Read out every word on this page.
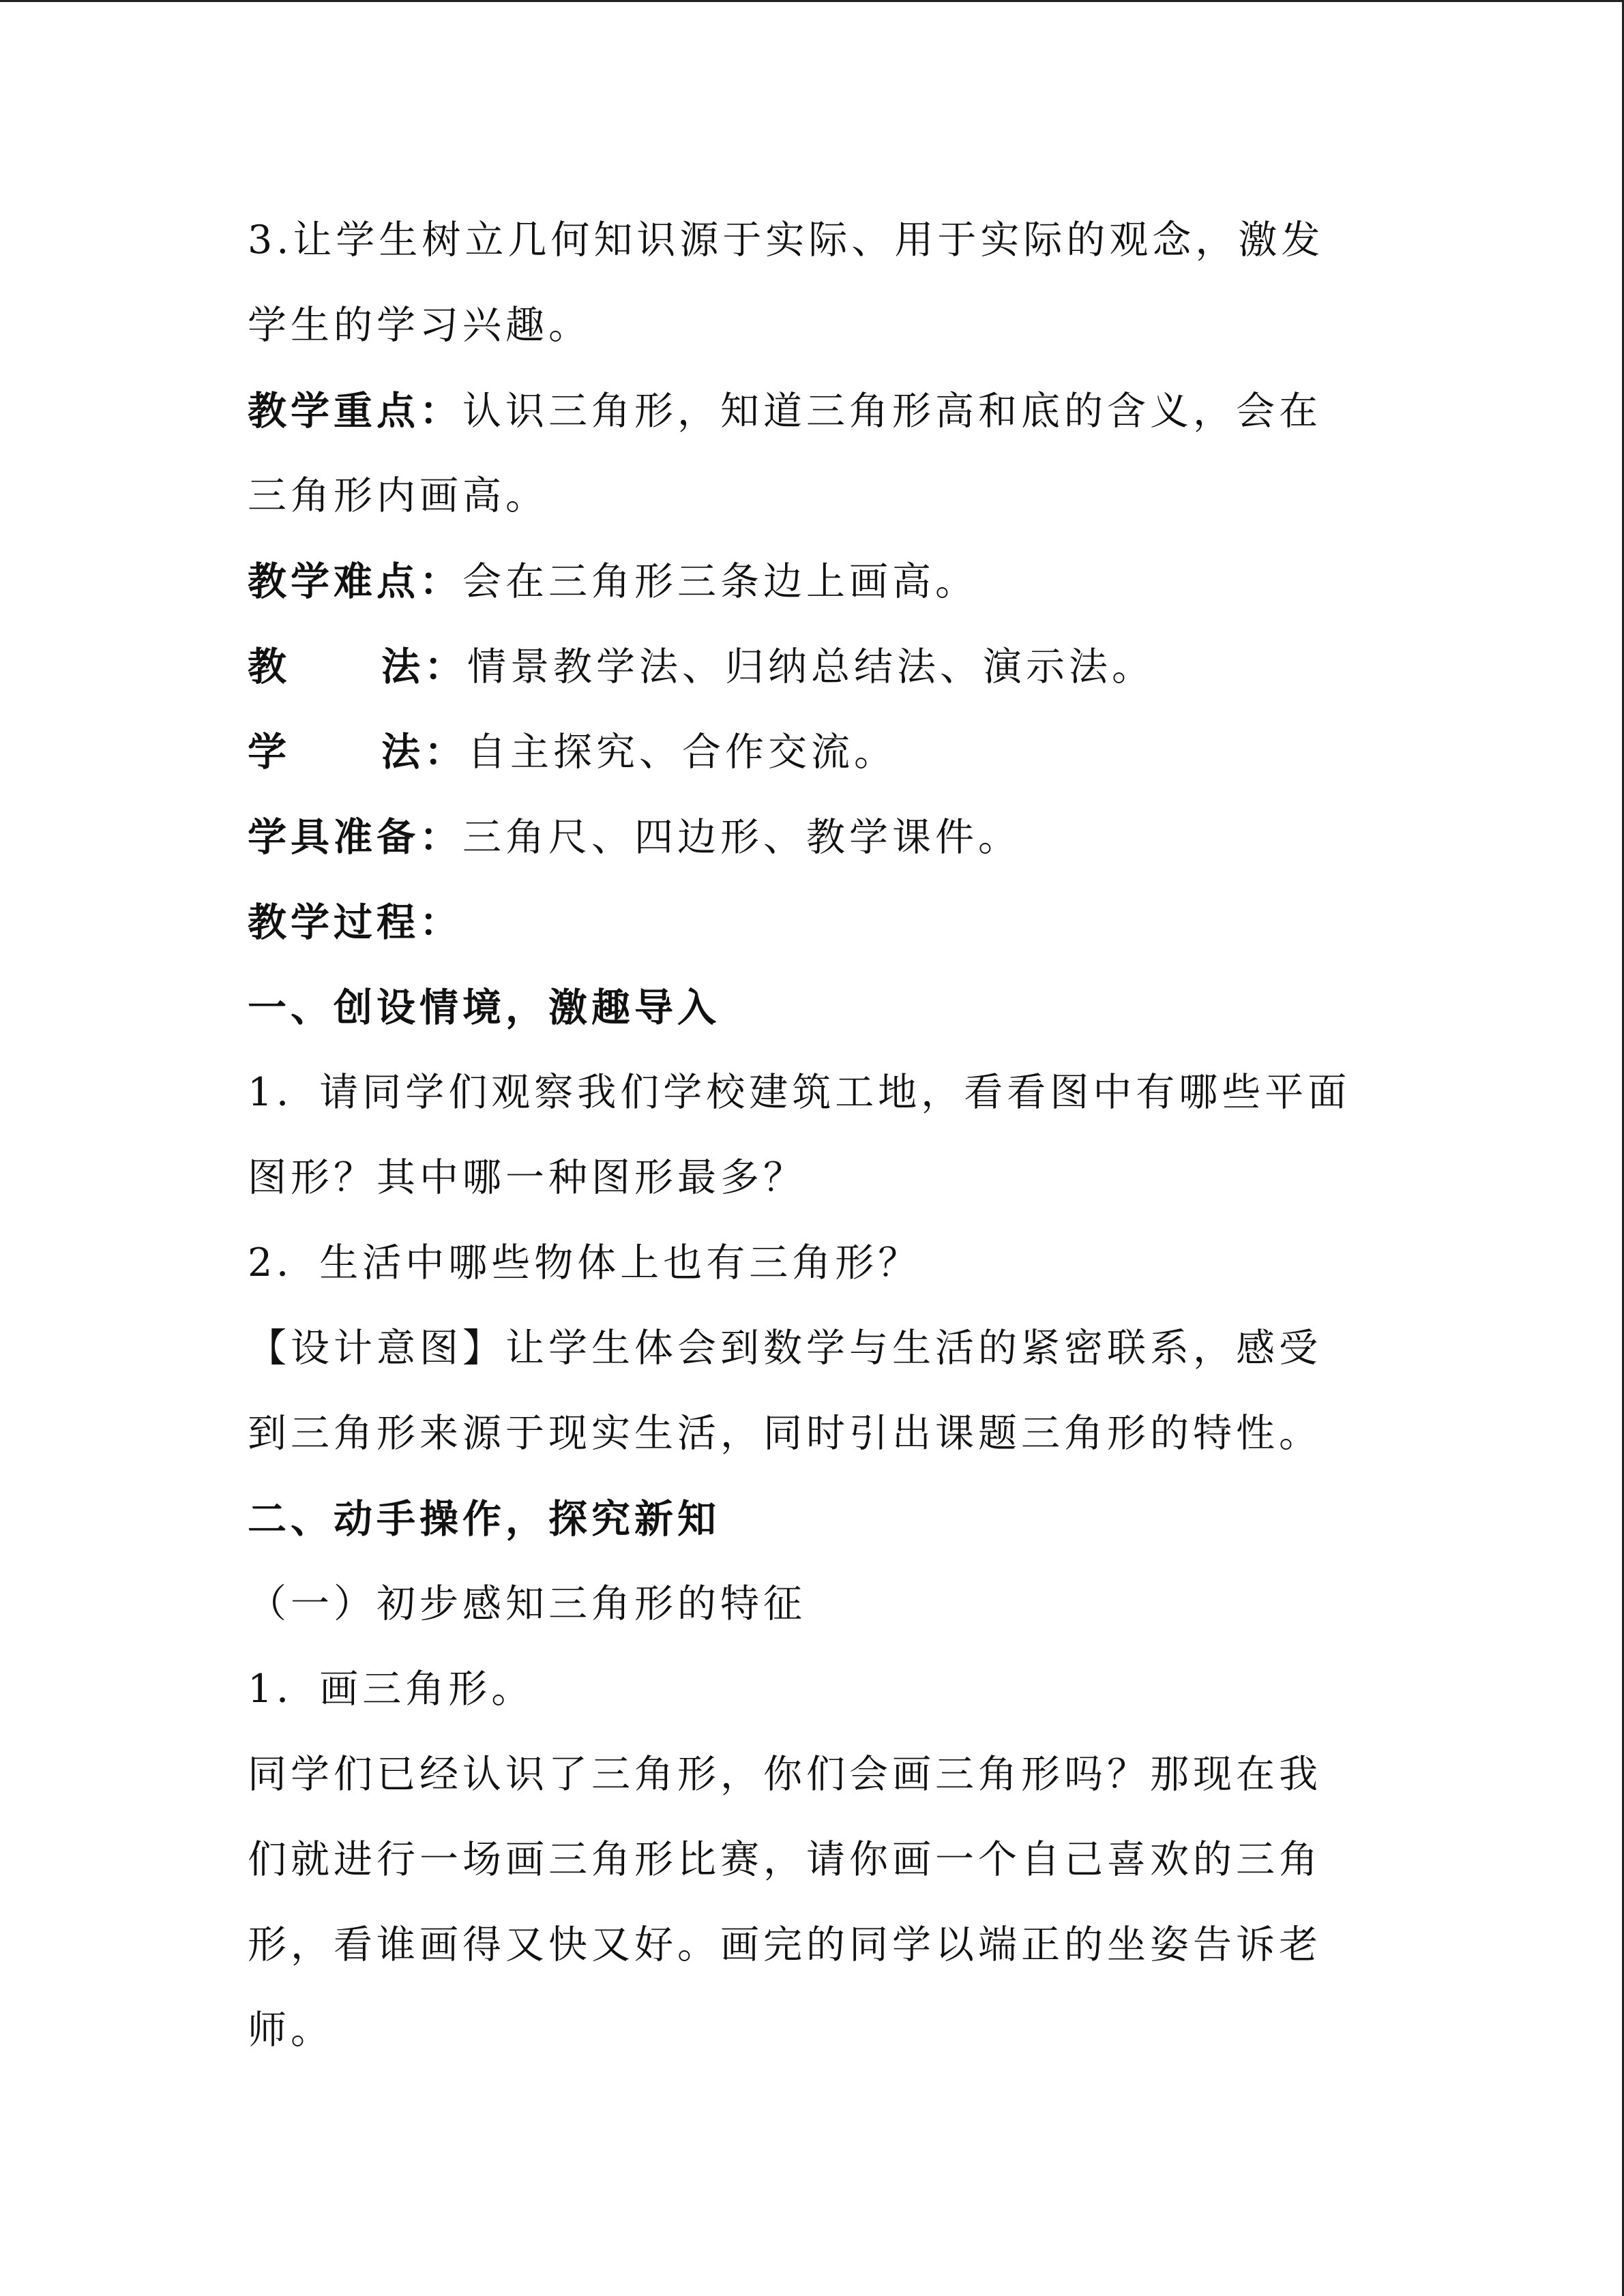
3.让学生树立几何知识源于实际、用于实际的观念，激发
学生的学习兴趣。
教学重点：认识三角形，知道三角形高和底的含义，会在
三角形内画高。
教学难点：会在三角形三条边上画高。
教 法：情景教学法、归纳总结法、演示法。
学 法：自主探究、合作交流。
学具准备：三角尺、四边形、教学课件。
教学过程：
一、创设情境，激趣导入
1．请同学们观察我们学校建筑工地，看看图中有哪些平面
图形？其中哪一种图形最多？
2．生活中哪些物体上也有三角形？
【设计意图】让学生体会到数学与生活的紧密联系，感受
到三角形来源于现实生活，同时引出课题三角形的特性。
二、动手操作，探究新知
（一）初步感知三角形的特征
1．画三角形。
同学们已经认识了三角形，你们会画三角形吗？那现在我
们就进行一场画三角形比赛，请你画一个自己喜欢的三角
形，看谁画得又快又好。画完的同学以端正的坐姿告诉老
师。
